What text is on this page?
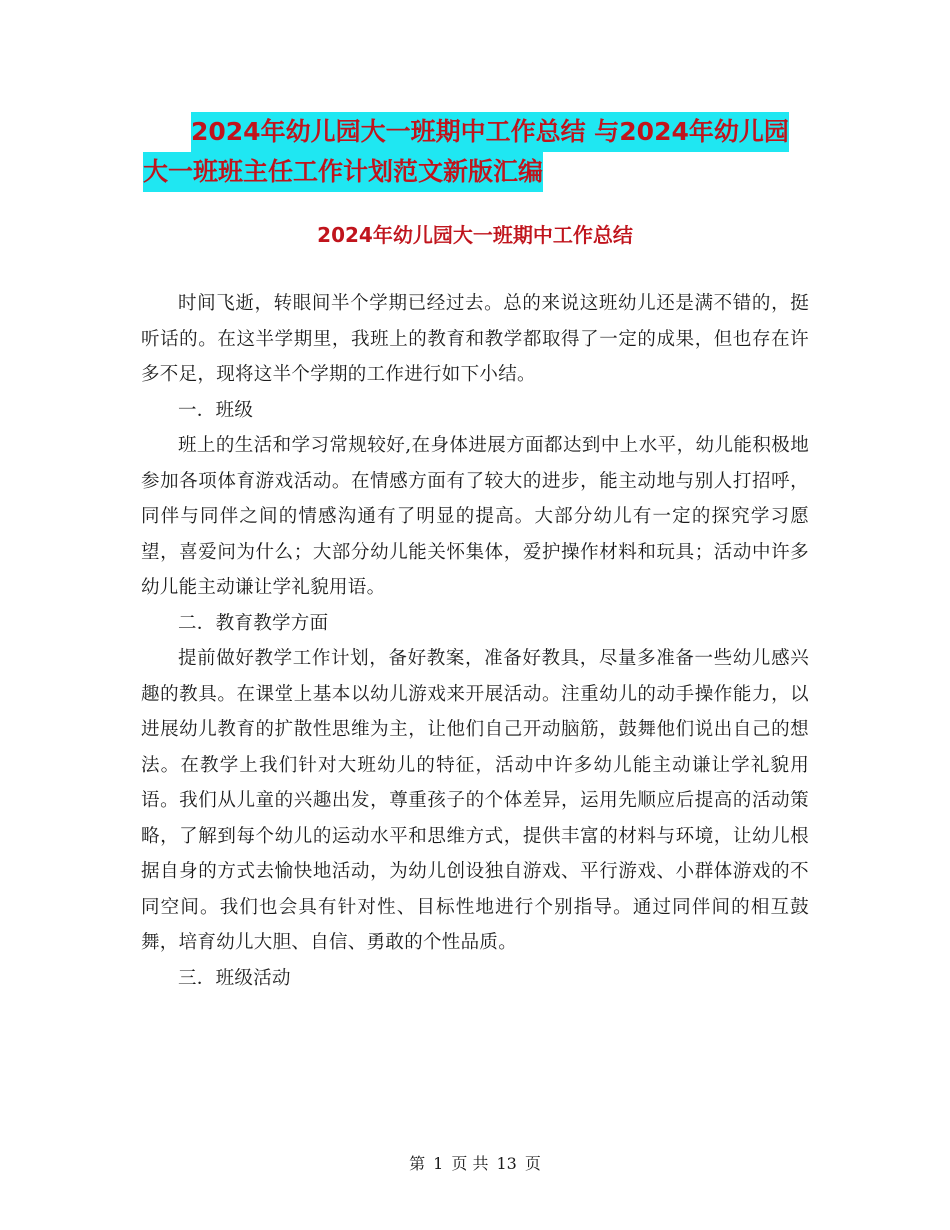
2024年幼儿园大一班期中工作总结 与2024年幼儿园
大一班班主任工作计划范文新版汇编
2024年幼儿园大一班期中工作总结

时间飞逝，转眼间半个学期已经过去。总的来说这班幼儿还是满不错的，挺听话的。在这半学期里，我班上的教育和教学都取得了一定的成果，但也存在许多不足，现将这半个学期的工作进行如下小结。

一．班级

班上的生活和学习常规较好,在身体进展方面都达到中上水平，幼儿能积极地参加各项体育游戏活动。在情感方面有了较大的进步，能主动地与别人打招呼，同伴与同伴之间的情感沟通有了明显的提高。大部分幼儿有一定的探究学习愿望，喜爱问为什么；大部分幼儿能关怀集体，爱护操作材料和玩具；活动中许多幼儿能主动谦让学礼貌用语。

二．教育教学方面

提前做好教学工作计划，备好教案，准备好教具，尽量多准备一些幼儿感兴趣的教具。在课堂上基本以幼儿游戏来开展活动。注重幼儿的动手操作能力，以进展幼儿教育的扩散性思维为主，让他们自己开动脑筋，鼓舞他们说出自己的想法。在教学上我们针对大班幼儿的特征，活动中许多幼儿能主动谦让学礼貌用语。我们从儿童的兴趣出发，尊重孩子的个体差异，运用先顺应后提高的活动策略，了解到每个幼儿的运动水平和思维方式，提供丰富的材料与环境，让幼儿根据自身的方式去愉快地活动，为幼儿创设独自游戏、平行游戏、小群体游戏的不同空间。我们也会具有针对性、目标性地进行个别指导。通过同伴间的相互鼓舞，培育幼儿大胆、自信、勇敢的个性品质。

三．班级活动

第 1 页 共 13 页
